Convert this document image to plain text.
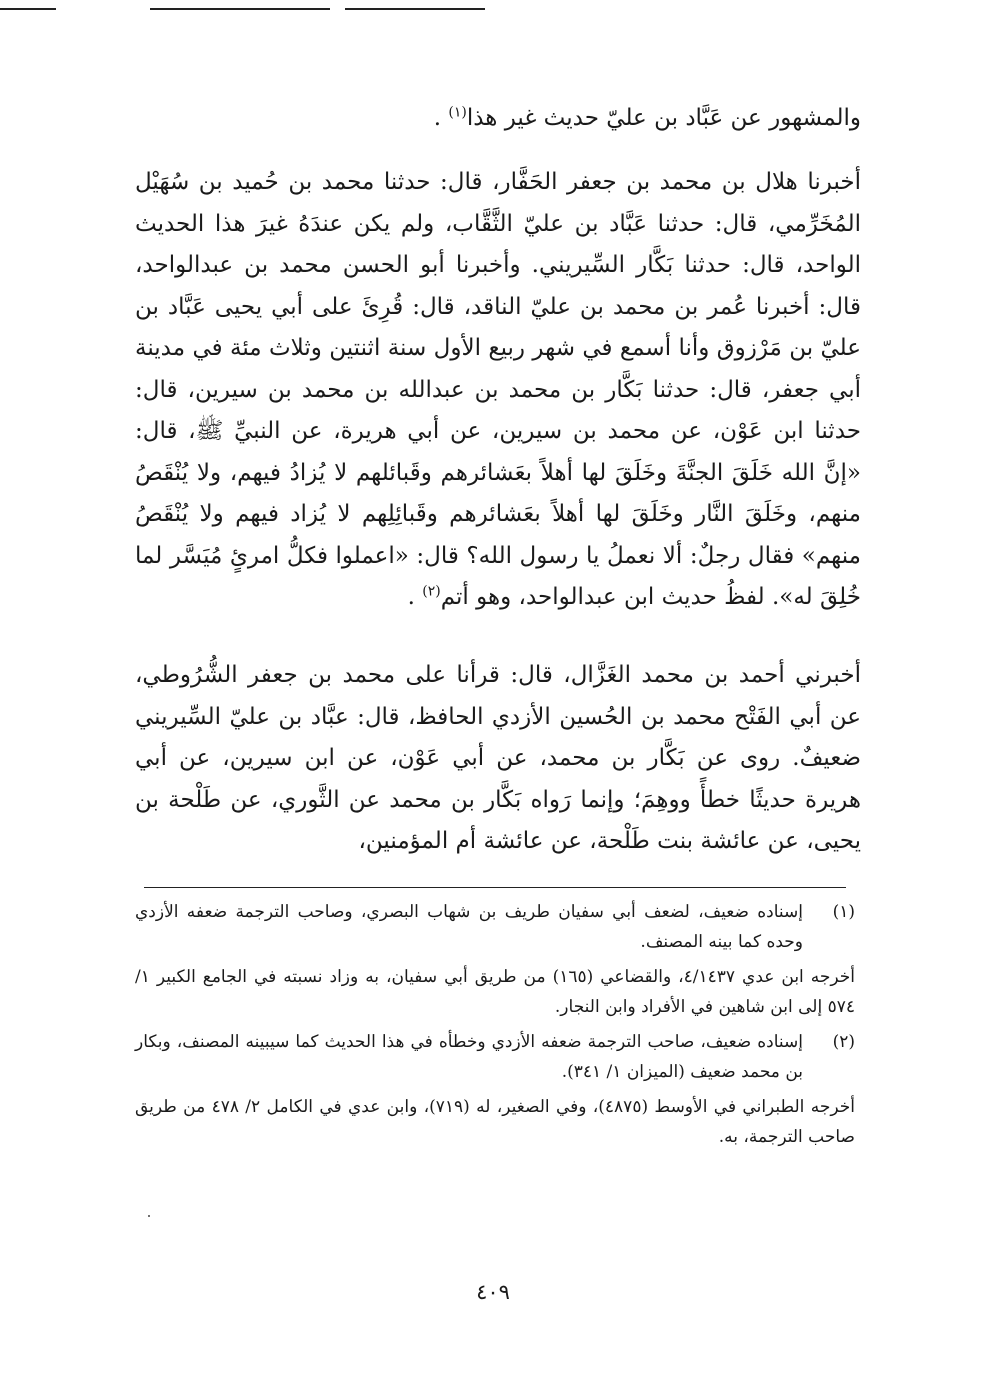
والمشهور عن عَبَّاد بن عليّ حديث غير هذا$^{(١)}$ .

أخبرنا هلال بن محمد بن جعفر الحَفَّار، قال: حدثنا محمد بن حُميد بن سُهَيْل المُخَرِّمي، قال: حدثنا عَبَّاد بن عليّ الثَّقَّاب، ولم يكن عندَهُ غيرَ هذا الحديث الواحد، قال: حدثنا بَكَّار السِّيريني. وأخبرنا أبو الحسن محمد بن عبدالواحد، قال: أخبرنا عُمر بن محمد بن عليّ الناقد، قال: قُرِئَ على أبي يحيى عَبَّاد بن عليّ بن مَرْزوق وأنا أسمع في شهر ربيع الأول سنة اثنتين وثلاث مئة في مدينة أبي جعفر، قال: حدثنا بَكَّار بن محمد بن عبدالله بن محمد بن سيرين، قال: حدثنا ابن عَوْن، عن محمد بن سيرين، عن أبي هريرة، عن النبيِّ ﷺ، قال: «إنَّ الله خَلَقَ الجنَّةَ وخَلَقَ لها أهلاً بعَشائرهم وقَبائلهم لا يُزادُ فيهم، ولا يُنْقَصُ منهم، وخَلَقَ النَّار وخَلَقَ لها أهلاً بعَشائرهم وقَبائِلِهم لا يُزاد فيهم ولا يُنْقَصُ منهم» فقال رجلٌ: ألا نعملُ يا رسول الله؟ قال: «اعملوا فكلُّ امرئٍ مُيَسَّر لما خُلِقَ له». لفظُ حديث ابن عبدالواحد، وهو أتم$^{(٢)}$ .

أخبرني أحمد بن محمد الغَزَّال، قال: قرأنا على محمد بن جعفر الشُّرُوطي، عن أبي الفَتْح محمد بن الحُسين الأزدي الحافظ، قال: عبَّاد بن عليّ السِّيريني ضعيفٌ. روى عن بَكَّار بن محمد، عن أبي عَوْن، عن ابن سيرين، عن أبي هريرة حديثًا خطأً ووهِمَ؛ وإنما رَواه بَكَّار بن محمد عن الثَّوري، عن طَلْحة بن يحيى، عن عائشة بنت طَلْحة، عن عائشة أم المؤمنين،

(١)
إسناده ضعيف، لضعف أبي سفيان طريف بن شهاب البصري، وصاحب الترجمة ضعفه الأزدي وحده كما بينه المصنف.
أخرجه ابن عدي ٤/١٤٣٧، والقضاعي (١٦٥) من طريق أبي سفيان، به وزاد نسبته في الجامع الكبير ١/ ٥٧٤ إلى ابن شاهين في الأفراد وابن النجار.
(٢)
إسناده ضعيف، صاحب الترجمة ضعفه الأزدي وخطأه في هذا الحديث كما سيبينه المصنف، وبكار بن محمد ضعيف (الميزان ١/ ٣٤١).
أخرجه الطبراني في الأوسط (٤٨٧٥)، وفي الصغير، له (٧١٩)، وابن عدي في الكامل ٢/ ٤٧٨ من طريق صاحب الترجمة، به.
٤٠٩
